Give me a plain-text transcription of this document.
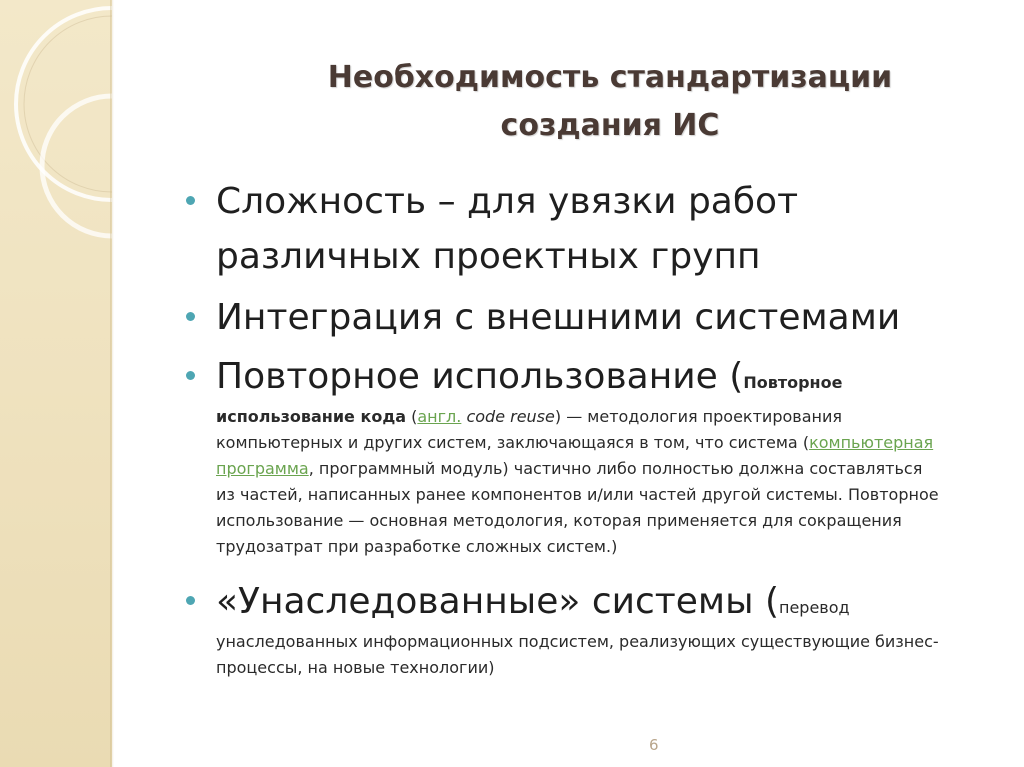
Необходимость стандартизации
создания ИС
Сложность – для увязки работ
различных проектных групп
Интеграция с внешними системами
Повторное использование (Повторное
использование кода (англ. code reuse) — методология проектирования компьютерных и других систем, заключающаяся в том, что система (компьютерная программа, программный модуль) частично либо полностью должна составляться из частей, написанных ранее компонентов и/или частей другой системы. Повторное использование — основная методология, которая применяется для сокращения трудозатрат при разработке сложных систем.)
«Унаследованные» системы (перевод
унаследованных информационных подсистем, реализующих существующие бизнес-процессы, на новые технологии)
6
